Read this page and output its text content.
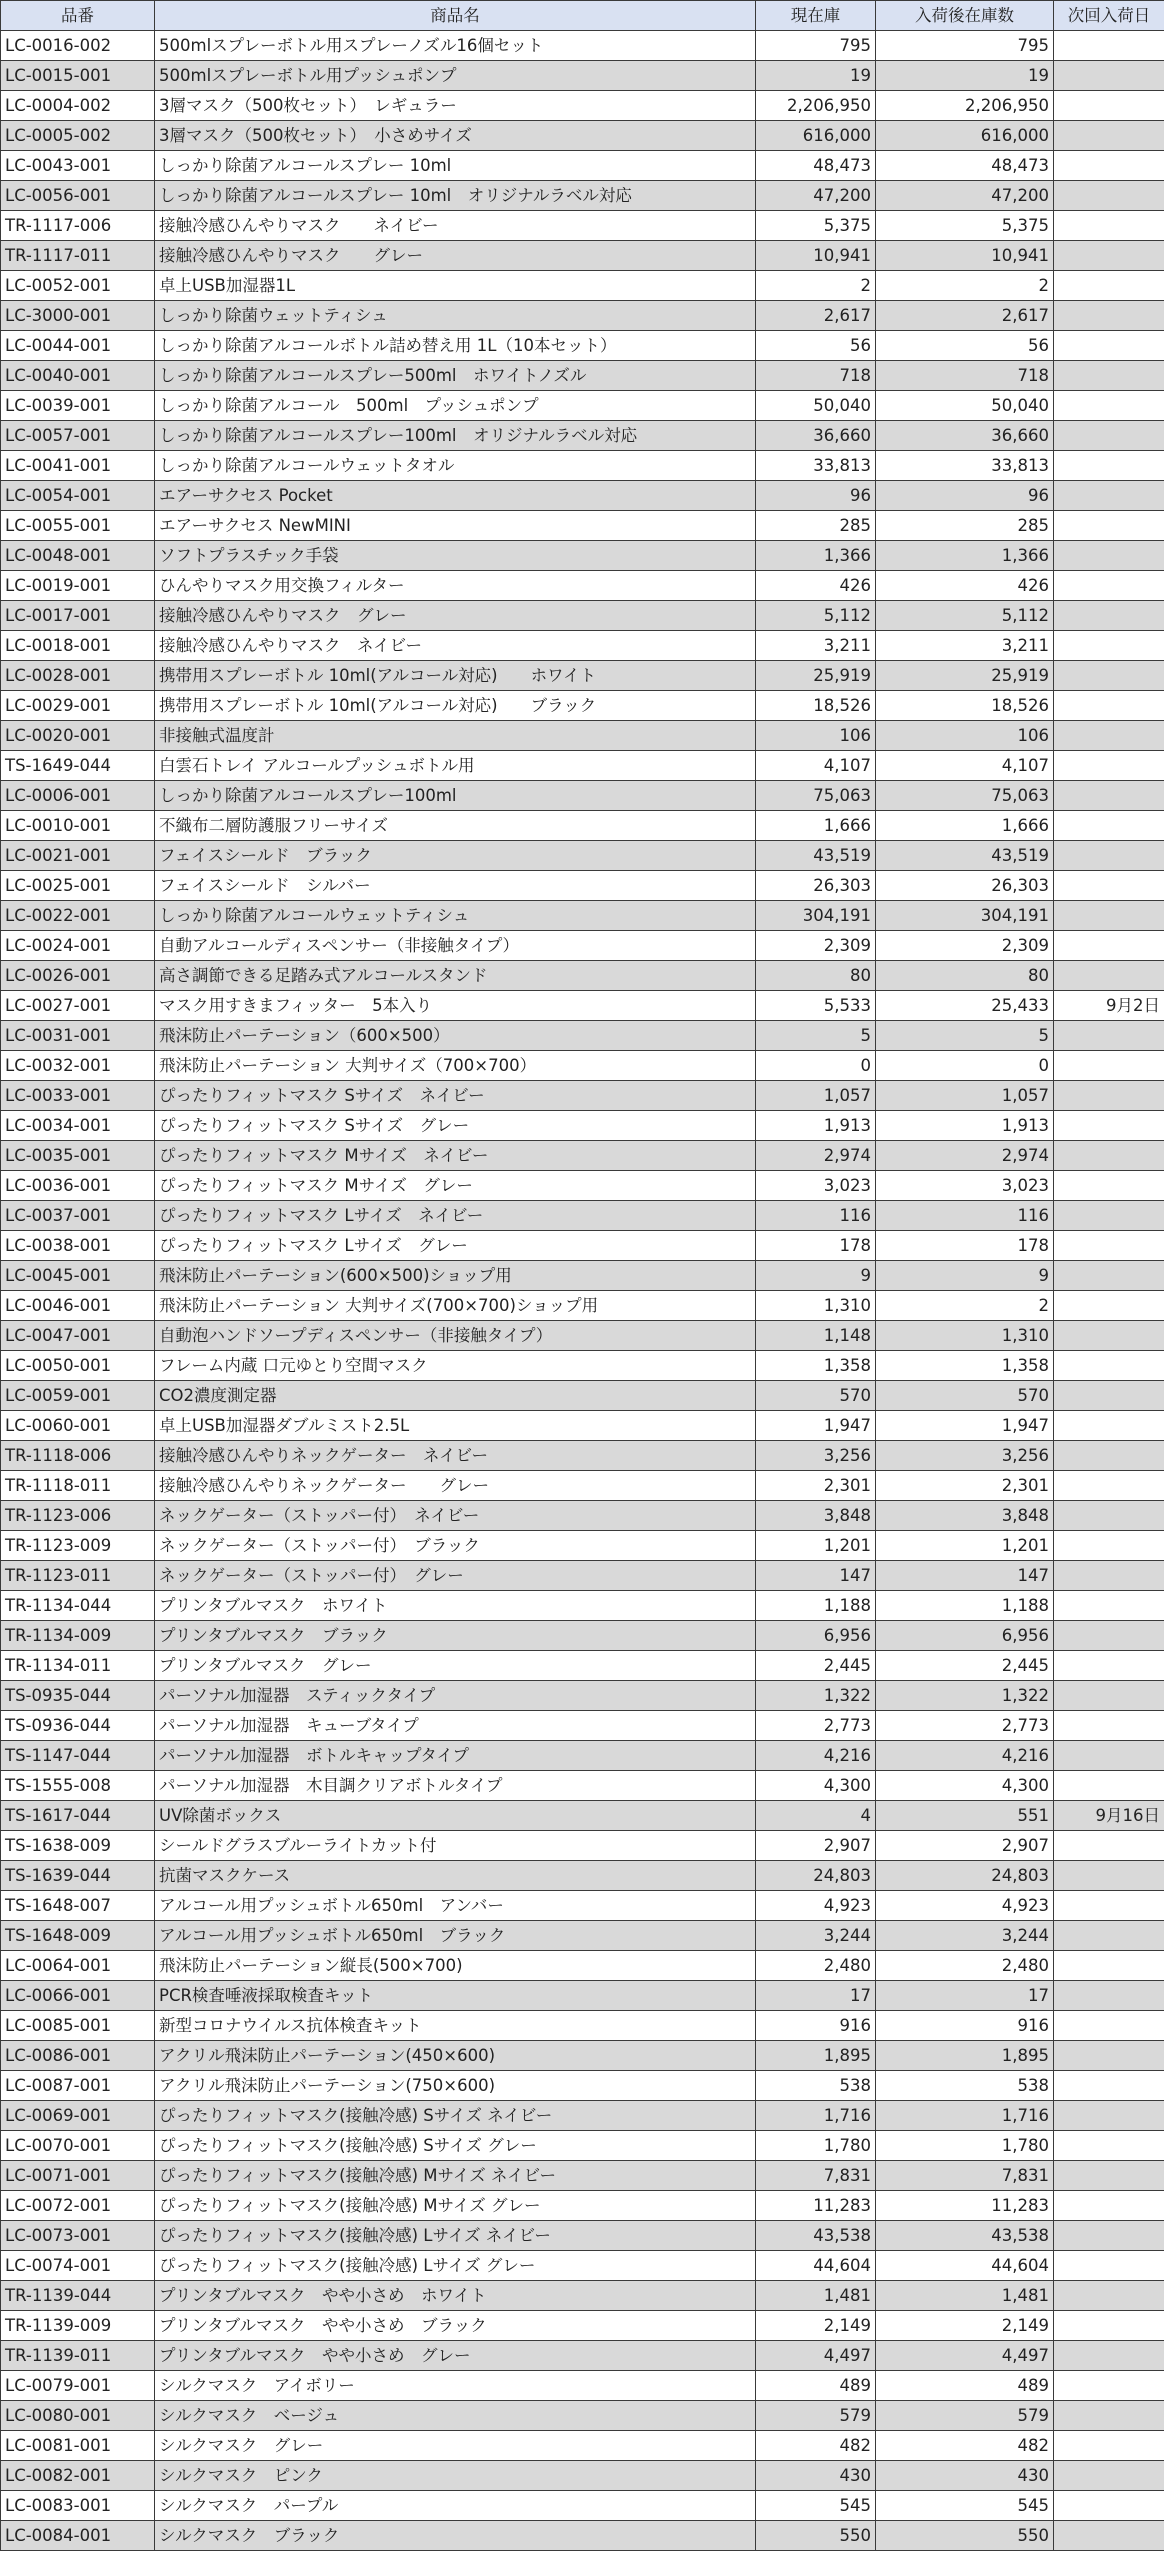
品番	商品名	現在庫	入荷後在庫数	次回入荷日
LC-0016-002	500mlスプレーボトル用スプレーノズル16個セット	795	795	
LC-0015-001	500mlスプレーボトル用プッシュポンプ	19	19	
LC-0004-002	3層マスク（500枚セット）　レギュラー	2,206,950	2,206,950	
LC-0005-002	3層マスク（500枚セット）　小さめサイズ	616,000	616,000	
LC-0043-001	しっかり除菌アルコールスプレー 10ml	48,473	48,473	
LC-0056-001	しっかり除菌アルコールスプレー 10ml　オリジナルラベル対応	47,200	47,200	
TR-1117-006	接触冷感ひんやりマスク　　ネイビー	5,375	5,375	
TR-1117-011	接触冷感ひんやりマスク　　グレー	10,941	10,941	
LC-0052-001	卓上USB加湿器1L	2	2	
LC-3000-001	しっかり除菌ウェットティシュ	2,617	2,617	
LC-0044-001	しっかり除菌アルコールボトル詰め替え用 1L（10本セット）	56	56	
LC-0040-001	しっかり除菌アルコールスプレー500ml　ホワイトノズル	718	718	
LC-0039-001	しっかり除菌アルコール　500ml　プッシュポンプ	50,040	50,040	
LC-0057-001	しっかり除菌アルコールスプレー100ml　オリジナルラベル対応	36,660	36,660	
LC-0041-001	しっかり除菌アルコールウェットタオル	33,813	33,813	
LC-0054-001	エアーサクセス Pocket	96	96	
LC-0055-001	エアーサクセス NewMINI	285	285	
LC-0048-001	ソフトプラスチック手袋	1,366	1,366	
LC-0019-001	ひんやりマスク用交換フィルター	426	426	
LC-0017-001	接触冷感ひんやりマスク　グレー	5,112	5,112	
LC-0018-001	接触冷感ひんやりマスク　ネイビー	3,211	3,211	
LC-0028-001	携帯用スプレーボトル 10ml(アルコール対応)　　ホワイト	25,919	25,919	
LC-0029-001	携帯用スプレーボトル 10ml(アルコール対応)　　ブラック	18,526	18,526	
LC-0020-001	非接触式温度計	106	106	
TS-1649-044	白雲石トレイ アルコールプッシュボトル用	4,107	4,107	
LC-0006-001	しっかり除菌アルコールスプレー100ml	75,063	75,063	
LC-0010-001	不織布二層防護服フリーサイズ	1,666	1,666	
LC-0021-001	フェイスシールド　ブラック	43,519	43,519	
LC-0025-001	フェイスシールド　シルバー	26,303	26,303	
LC-0022-001	しっかり除菌アルコールウェットティシュ	304,191	304,191	
LC-0024-001	自動アルコールディスペンサー（非接触タイプ）	2,309	2,309	
LC-0026-001	高さ調節できる足踏み式アルコールスタンド	80	80	
LC-0027-001	マスク用すきまフィッター　5本入り	5,533	25,433	9月2日
LC-0031-001	飛沫防止パーテーション（600×500）	5	5	
LC-0032-001	飛沫防止パーテーション 大判サイズ（700×700）	0	0	
LC-0033-001	ぴったりフィットマスク Sサイズ　ネイビー	1,057	1,057	
LC-0034-001	ぴったりフィットマスク Sサイズ　グレー	1,913	1,913	
LC-0035-001	ぴったりフィットマスク Mサイズ　ネイビー	2,974	2,974	
LC-0036-001	ぴったりフィットマスク Mサイズ　グレー	3,023	3,023	
LC-0037-001	ぴったりフィットマスク Lサイズ　ネイビー	116	116	
LC-0038-001	ぴったりフィットマスク Lサイズ　グレー	178	178	
LC-0045-001	飛沫防止パーテーション(600×500)ショップ用	9	9	
LC-0046-001	飛沫防止パーテーション 大判サイズ(700×700)ショップ用	1,310	2	
LC-0047-001	自動泡ハンドソープディスペンサー（非接触タイプ）	1,148	1,310	
LC-0050-001	フレーム内蔵 口元ゆとり空間マスク	1,358	1,358	
LC-0059-001	CO2濃度測定器	570	570	
LC-0060-001	卓上USB加湿器ダブルミスト2.5L	1,947	1,947	
TR-1118-006	接触冷感ひんやりネックゲーター　ネイビー	3,256	3,256	
TR-1118-011	接触冷感ひんやりネックゲーター　　グレー	2,301	2,301	
TR-1123-006	ネックゲーター（ストッパー付）　ネイビー	3,848	3,848	
TR-1123-009	ネックゲーター（ストッパー付）　ブラック	1,201	1,201	
TR-1123-011	ネックゲーター（ストッパー付）　グレー	147	147	
TR-1134-044	プリンタブルマスク　ホワイト	1,188	1,188	
TR-1134-009	プリンタブルマスク　ブラック	6,956	6,956	
TR-1134-011	プリンタブルマスク　グレー	2,445	2,445	
TS-0935-044	パーソナル加湿器　スティックタイプ	1,322	1,322	
TS-0936-044	パーソナル加湿器　キューブタイプ	2,773	2,773	
TS-1147-044	パーソナル加湿器　ボトルキャップタイプ	4,216	4,216	
TS-1555-008	パーソナル加湿器　木目調クリアボトルタイプ	4,300	4,300	
TS-1617-044	UV除菌ボックス	4	551	9月16日
TS-1638-009	シールドグラスブルーライトカット付	2,907	2,907	
TS-1639-044	抗菌マスクケース	24,803	24,803	
TS-1648-007	アルコール用プッシュボトル650ml　アンバー	4,923	4,923	
TS-1648-009	アルコール用プッシュボトル650ml　ブラック	3,244	3,244	
LC-0064-001	飛沫防止パーテーション縦長(500×700)	2,480	2,480	
LC-0066-001	PCR検査唾液採取検査キット	17	17	
LC-0085-001	新型コロナウイルス抗体検査キット	916	916	
LC-0086-001	アクリル飛沫防止パーテーション(450×600)	1,895	1,895	
LC-0087-001	アクリル飛沫防止パーテーション(750×600)	538	538	
LC-0069-001	ぴったりフィットマスク(接触冷感) Sサイズ ネイビー	1,716	1,716	
LC-0070-001	ぴったりフィットマスク(接触冷感) Sサイズ グレー	1,780	1,780	
LC-0071-001	ぴったりフィットマスク(接触冷感) Mサイズ ネイビー	7,831	7,831	
LC-0072-001	ぴったりフィットマスク(接触冷感) Mサイズ グレー	11,283	11,283	
LC-0073-001	ぴったりフィットマスク(接触冷感) Lサイズ ネイビー	43,538	43,538	
LC-0074-001	ぴったりフィットマスク(接触冷感) Lサイズ グレー	44,604	44,604	
TR-1139-044	プリンタブルマスク　やや小さめ　ホワイト	1,481	1,481	
TR-1139-009	プリンタブルマスク　やや小さめ　ブラック	2,149	2,149	
TR-1139-011	プリンタブルマスク　やや小さめ　グレー	4,497	4,497	
LC-0079-001	シルクマスク　アイボリー	489	489	
LC-0080-001	シルクマスク　ベージュ	579	579	
LC-0081-001	シルクマスク　グレー	482	482	
LC-0082-001	シルクマスク　ピンク	430	430	
LC-0083-001	シルクマスク　パープル	545	545	
LC-0084-001	シルクマスク　ブラック	550	550	
